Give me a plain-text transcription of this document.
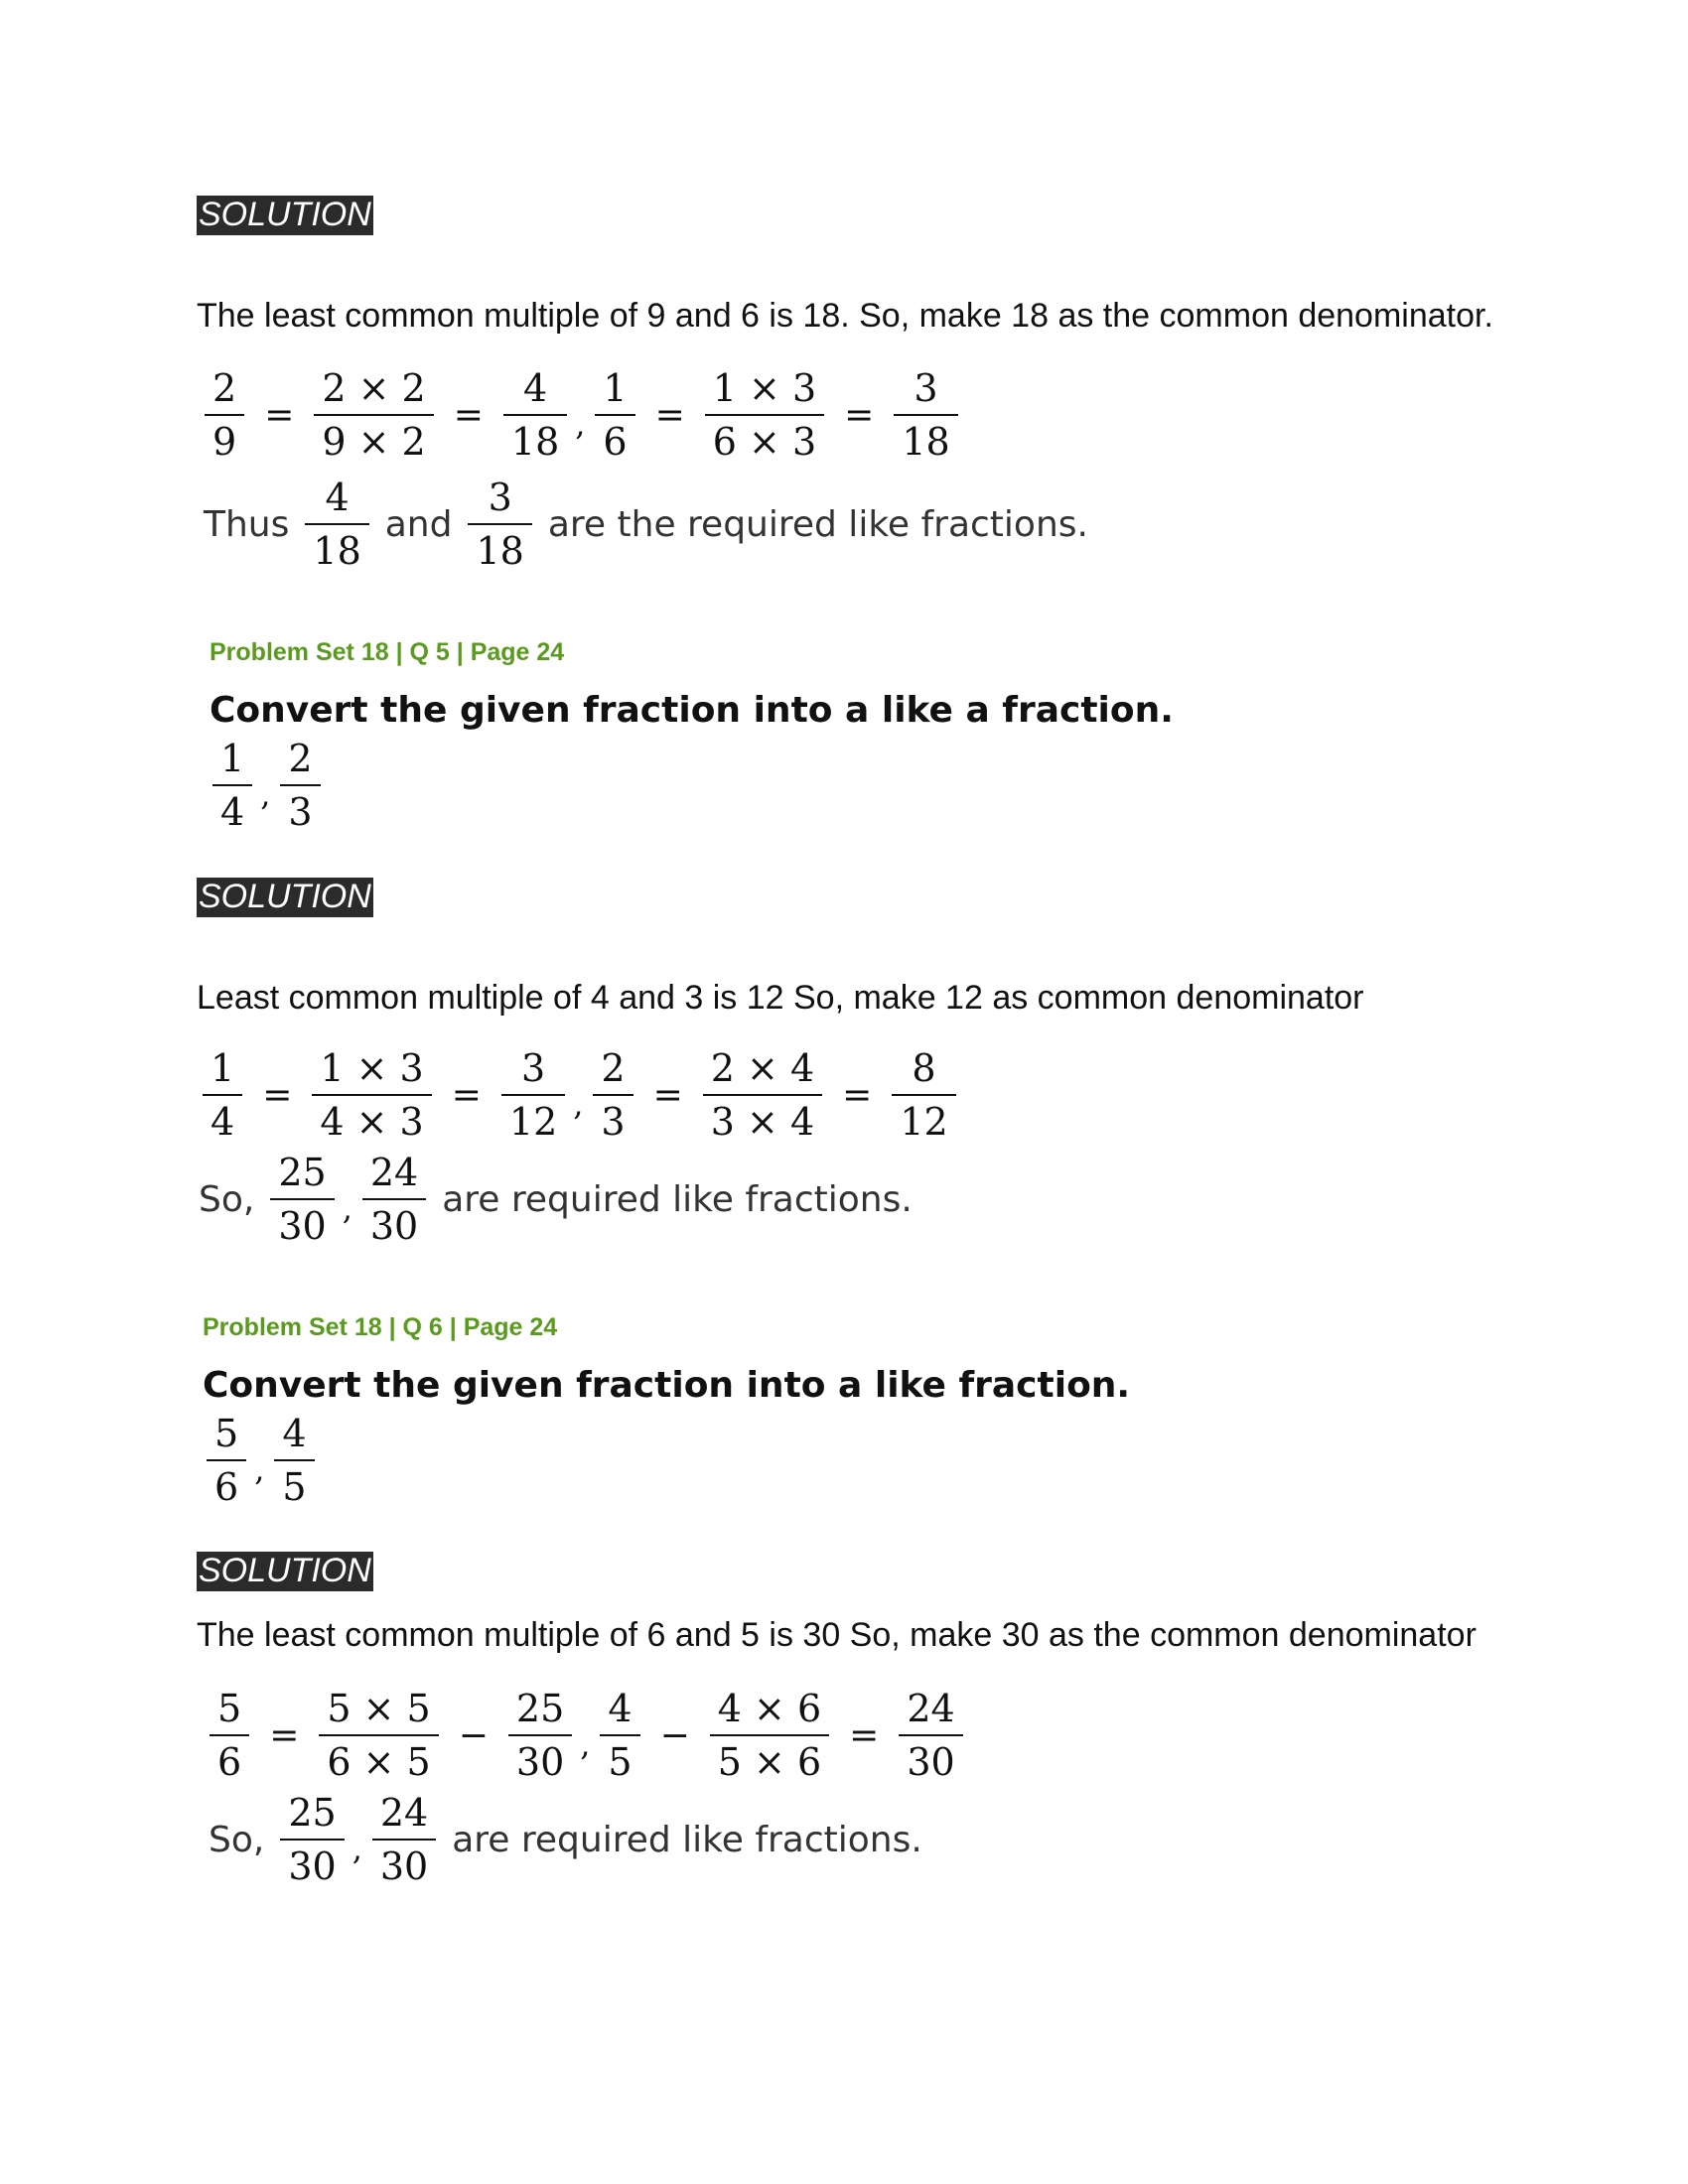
SOLUTION
The least common multiple of 9 and 6 is 18. So, make 18 as the common denominator.
$\frac{2}{9} = \frac{2 \times 2}{9 \times 2} = \frac{4}{18}$ , $\frac{1}{6} = \frac{1 \times 3}{6 \times 3} = \frac{3}{18}$
Thus $\frac{4}{18}$ and $\frac{3}{18}$ are the required like fractions.
Problem Set 18 | Q 5 | Page 24
Convert the given fraction into a like a fraction.
$\frac{1}{4}$ , $\frac{2}{3}$
SOLUTION
Least common multiple of 4 and 3 is 12 So, make 12 as common denominator
$\frac{1}{4} = \frac{1 \times 3}{4 \times 3} = \frac{3}{12}$ , $\frac{2}{3} = \frac{2 \times 4}{3 \times 4} = \frac{8}{12}$
So, $\frac{25}{30}$ , $\frac{24}{30}$ are required like fractions.
Problem Set 18 | Q 6 | Page 24
Convert the given fraction into a like fraction.
$\frac{5}{6}$ , $\frac{4}{5}$
SOLUTION
The least common multiple of 6 and 5 is 30 So, make 30 as the common denominator
$\frac{5}{6} = \frac{5 \times 5}{6 \times 5} - \frac{25}{30}$ , $\frac{4}{5} - \frac{4 \times 6}{5 \times 6} = \frac{24}{30}$
So, $\frac{25}{30}$ , $\frac{24}{30}$ are required like fractions.
